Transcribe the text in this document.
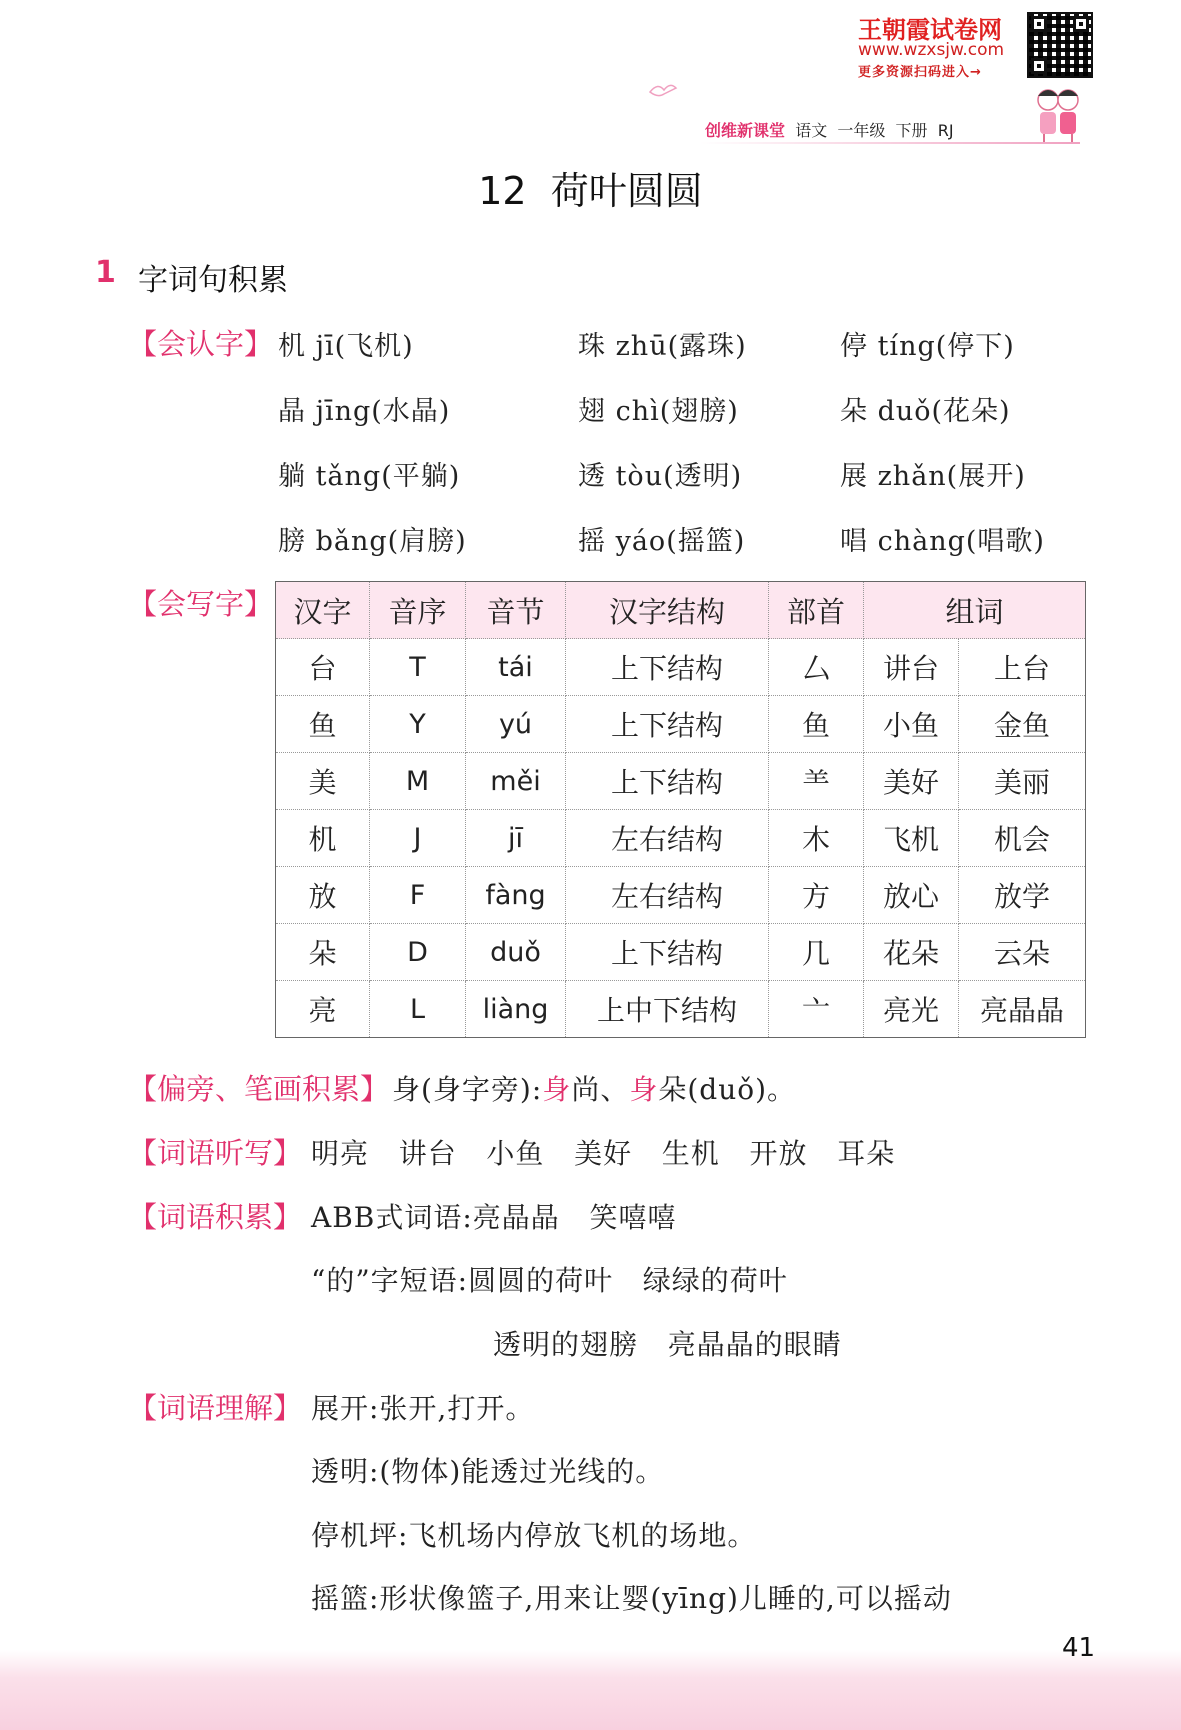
王朝霞试卷网
www.wzxsjw.com
更多资源扫码进入→
创维新课堂 语文  一年级  下册  RJ
12  荷叶圆圆
1 字词句积累
【会认字】 机 jī(飞机)	珠 zhū(露珠)	停 tíng(停下)
晶 jīng(水晶)	翅 chì(翅膀)	朵 duǒ(花朵)
躺 tǎng(平躺)	透 tòu(透明)	展 zhǎn(展开)
膀 bǎng(肩膀)	摇 yáo(摇篮)	唱 chàng(唱歌)
【会写字】 汉字	音序	音节	汉字结构	部首	组词	
台	T	tái	上下结构	厶	讲台	上台
鱼	Y	yú	上下结构	鱼	小鱼	金鱼
美	M	měi	上下结构	⺷	美好	美丽
机	J	jī	左右结构	木	飞机	机会
放	F	fàng	左右结构	方	放心	放学
朵	D	duǒ	上下结构	几	花朵	云朵
亮	L	liàng	上中下结构	亠	亮光	亮晶晶
【偏旁、笔画积累】 身(身字旁):身尚、身朵(duǒ)。
【词语听写】 明亮   讲台   小鱼   美好   生机   开放   耳朵
【词语积累】 ABB式词语:亮晶晶   笑嘻嘻
“的”字短语:圆圆的荷叶   绿绿的荷叶
透明的翅膀   亮晶晶的眼睛
【词语理解】 展开:张开,打开。
透明:(物体)能透过光线的。
停机坪:飞机场内停放飞机的场地。
摇篮:形状像篮子,用来让婴(yīng)儿睡的,可以摇动
41
